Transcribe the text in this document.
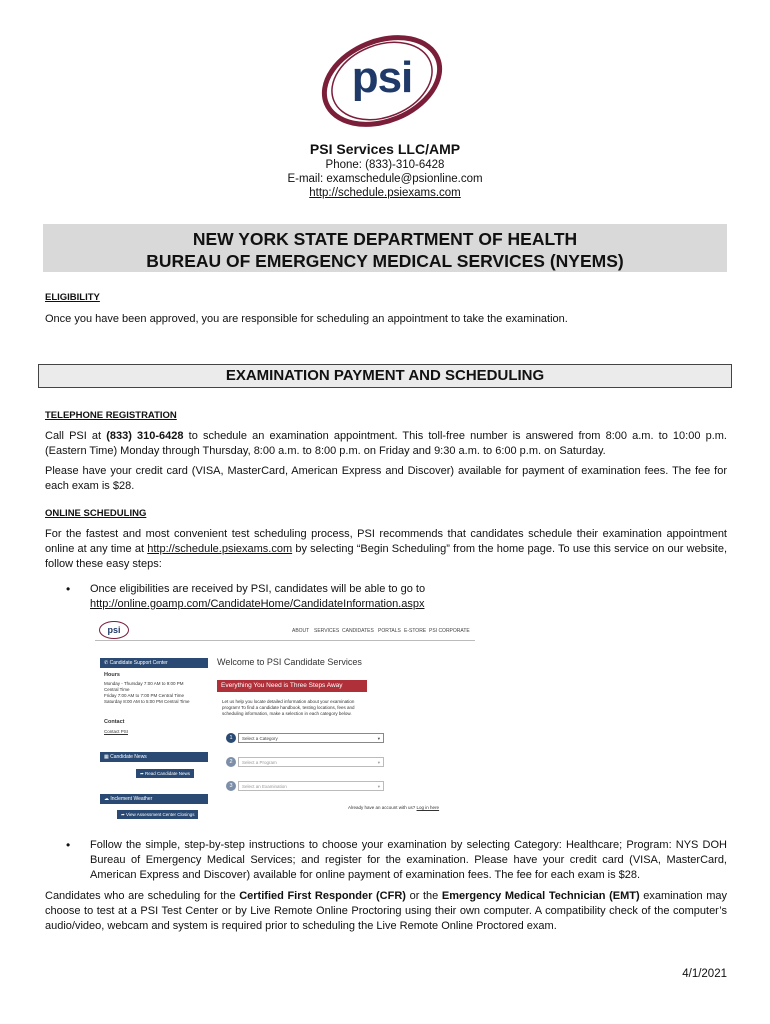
psi
PSI Services LLC/AMP
Phone: (833)-310-6428
E-mail: examschedule@psionline.com
http://schedule.psiexams.com
NEW YORK STATE DEPARTMENT OF HEALTH
BUREAU OF EMERGENCY MEDICAL SERVICES (NYEMS)
ELIGIBILITY
Once you have been approved, you are responsible for scheduling an appointment to take the examination.
EXAMINATION PAYMENT AND SCHEDULING
TELEPHONE REGISTRATION
Call PSI at (833) 310-6428 to schedule an examination appointment. This toll-free number is answered from 8:00 a.m. to 10:00 p.m. (Eastern Time) Monday through Thursday, 8:00 a.m. to 8:00 p.m. on Friday and 9:30 a.m. to 6:00 p.m. on Saturday.
Please have your credit card (VISA, MasterCard, American Express and Discover) available for payment of examination fees. The fee for each exam is $28.
ONLINE SCHEDULING
For the fastest and most convenient test scheduling process, PSI recommends that candidates schedule their examination appointment online at any time at http://schedule.psiexams.com by selecting “Begin Scheduling” from the home page. To use this service on our website, follow these easy steps:
• Once eligibilities are received by PSI, candidates will be able to go to
http://online.goamp.com/CandidateHome/CandidateInformation.aspx
psi	ABOUT SERVICES CANDIDATES PORTALS E-STORE PSI CORPORATE
✆ Candidate Support Center
Hours
Monday - Thursday 7:00 AM to 9:00 PM
Central Time
Friday 7:00 AM to 7:00 PM Central Time
Saturday 8:00 AM to 5:00 PM Central Time
Contact
Contact PSI
▦ Candidate News
➦ Read Candidate News
☁ Inclement Weather
➦ View Assessment Center Closings
Welcome to PSI Candidate Services
Everything You Need is Three Steps Away
Let us help you locate detailed information about your examination program! To find a candidate handbook, testing locations, fees and scheduling information, make a selection in each category below.
1	Select a Category	▾
2	Select a Program	▾
3	Select an Examination	▾
Already have an account with us? Log in here
• Follow the simple, step-by-step instructions to choose your examination by selecting Category: Healthcare; Program: NYS DOH Bureau of Emergency Medical Services; and register for the examination. Please have your credit card (VISA, MasterCard, American Express and Discover) available for online payment of examination fees. The fee for each exam is $28.
Candidates who are scheduling for the Certified First Responder (CFR) or the Emergency Medical Technician (EMT) examination may choose to test at a PSI Test Center or by Live Remote Online Proctoring using their own computer. A compatibility check of the computer’s audio/video, webcam and system is required prior to scheduling the Live Remote Online Proctored exam.
4/1/2021
